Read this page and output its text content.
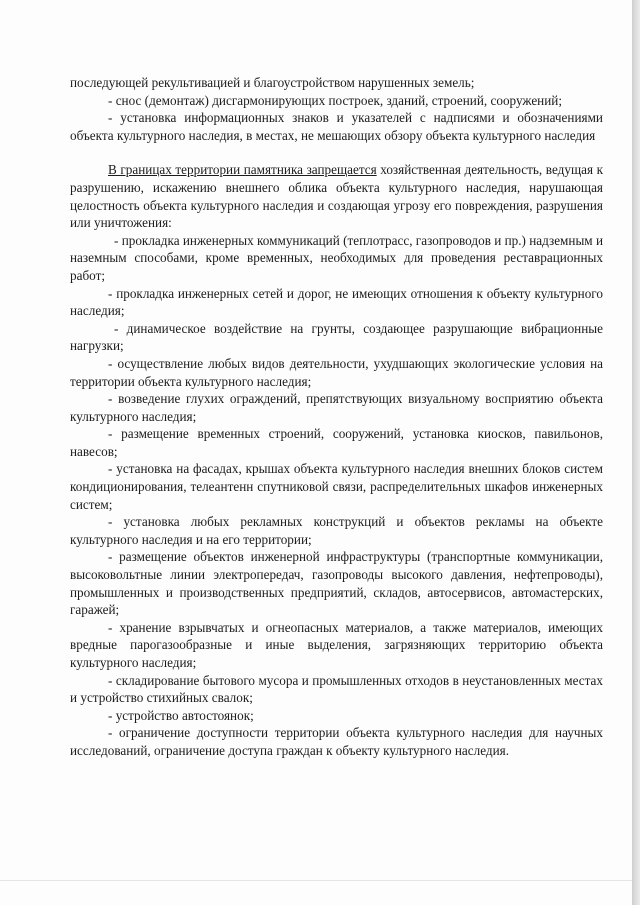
последующей рекультивацией и благоустройством нарушенных земель;

- снос (демонтаж) дисгармонирующих построек, зданий, строений, сооружений;

- установка информационных знаков и указателей с надписями и обозначениями объекта культурного наследия, в местах, не мешающих обзору объекта культурного наследия

В границах территории памятника запрещается хозяйственная деятельность, ведущая к разрушению, искажению внешнего облика объекта культурного наследия, нарушающая целостность объекта культурного наследия и создающая угрозу его повреждения, разрушения или уничтожения:

- прокладка инженерных коммуникаций (теплотрасс, газопроводов и пр.) надземным и наземным способами, кроме временных, необходимых для проведения реставрационных работ;

- прокладка инженерных сетей и дорог, не имеющих отношения к объекту культурного наследия;

- динамическое воздействие на грунты, создающее разрушающие вибрационные нагрузки;

- осуществление любых видов деятельности, ухудшающих экологические условия на территории объекта культурного наследия;

- возведение глухих ограждений, препятствующих визуальному восприятию объекта культурного наследия;

- размещение временных строений, сооружений, установка киосков, павильонов, навесов;

- установка на фасадах, крышах объекта культурного наследия внешних блоков систем кондиционирования, телеантенн спутниковой связи, распределительных шкафов инженерных систем;

- установка любых рекламных конструкций и объектов рекламы на объекте культурного наследия и на его территории;

- размещение объектов инженерной инфраструктуры (транспортные коммуникации, высоковольтные линии электропередач, газопроводы высокого давления, нефтепроводы), промышленных и производственных предприятий, складов, автосервисов, автомастерских, гаражей;

- хранение взрывчатых и огнеопасных материалов, а также материалов, имеющих вредные парогазообразные и иные выделения, загрязняющих территорию объекта культурного наследия;

- складирование бытового мусора и промышленных отходов в неустановленных местах и устройство стихийных свалок;

- устройство автостоянок;

- ограничение доступности территории объекта культурного наследия для научных исследований, ограничение доступа граждан к объекту культурного наследия.
